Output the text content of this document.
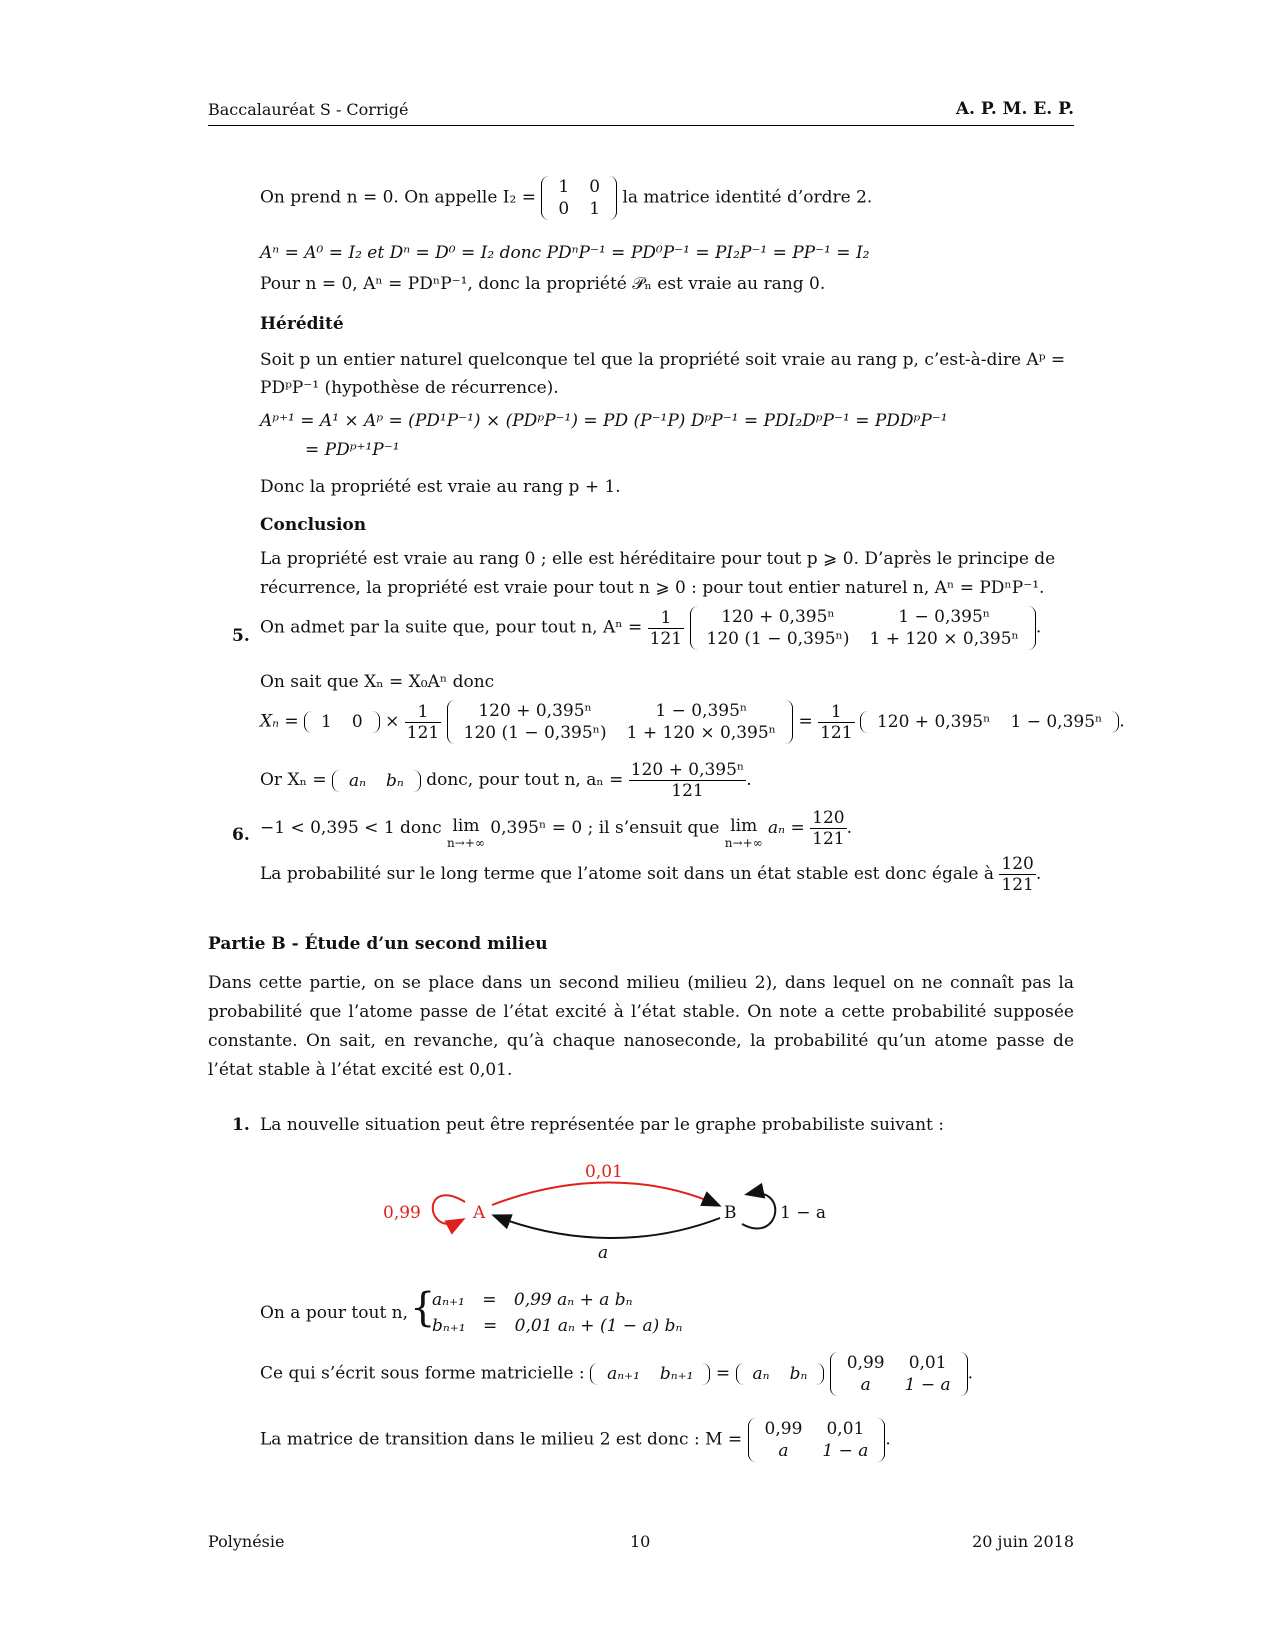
Baccalauréat S - Corrigé	A. P. M. E. P.
On prend n = 0. On appelle I₂ =
1	0
0	1
la matrice identité d’ordre 2.
Aⁿ = A⁰ = I₂ et Dⁿ = D⁰ = I₂ donc PDⁿP⁻¹ = PD⁰P⁻¹ = PI₂P⁻¹ = PP⁻¹ = I₂
Pour n = 0, Aⁿ = PDⁿP⁻¹, donc la propriété 𝒫ₙ est vraie au rang 0.
Hérédité
Soit p un entier naturel quelconque tel que la propriété soit vraie au rang p, c’est-à-dire Aᵖ =
PDᵖP⁻¹ (hypothèse de récurrence).
Aᵖ⁺¹ = A¹ × Aᵖ = (PD¹P⁻¹) × (PDᵖP⁻¹) = PD (P⁻¹P) DᵖP⁻¹ = PDI₂DᵖP⁻¹ = PDDᵖP⁻¹
= PDᵖ⁺¹P⁻¹
Donc la propriété est vraie au rang p + 1.
Conclusion
La propriété est vraie au rang 0 ; elle est héréditaire pour tout p ⩾ 0. D’après le principe de
récurrence, la propriété est vraie pour tout n ⩾ 0 : pour tout entier naturel n, Aⁿ = PDⁿP⁻¹.
5. On admet par la suite que, pour tout n, $A^n = \frac{1}{121}$
120 + 0,395ⁿ	1 − 0,395ⁿ
120 (1 − 0,395ⁿ)	1 + 120 × 0,395ⁿ
.
On sait que Xₙ = X₀Aⁿ donc
Xₙ = 1	$0 \times \frac{1}{121}$
120 + 0,395ⁿ	1 − 0,395ⁿ
120 (1 − 0,395ⁿ)	1 + 120 × 0,395ⁿ
= $\frac{1}{121}$
120 + 0,395ⁿ	1 − 0,395ⁿ .
Or Xₙ = aₙ	bₙ donc, pour tout n, $a_n = \frac{\text{120 + 0,395ⁿ}}{121}$ .
6. −1 < 0,395 < 1 donc lim
n→+∞
0,395ⁿ = 0 ; il s’ensuit que lim
n→+∞
$a_n = \frac{120}{121}$ .
La probabilité sur le long terme que l’atome soit dans un état stable est donc égale à $\frac{120}{121}$ .
Partie B - Étude d’un second milieu
Dans cette partie, on se place dans un second milieu (milieu 2), dans lequel on ne connaît pas la probabilité que l’atome passe de l’état excité à l’état stable. On note a cette probabilité supposée constante. On sait, en revanche, qu’à chaque nanoseconde, la probabilité qu’un atome passe de l’état stable à l’état excité est 0,01.
1. La nouvelle situation peut être représentée par le graphe probabiliste suivant :
A	B
0,99
0,01
a
1 − a
On a pour tout n, {
aₙ₊₁ = 0,99 aₙ + a bₙ
bₙ₊₁ = 0,01 aₙ + (1 − a) bₙ
Ce qui s’écrit sous forme matricielle : aₙ₊₁	bₙ₊₁ = aₙ	bₙ

0,99	0,01
a	1 − a
.
La matrice de transition dans le milieu 2 est donc : M =
0,99	0,01
a	1 − a
.
Polynésie	10	20 juin 2018
